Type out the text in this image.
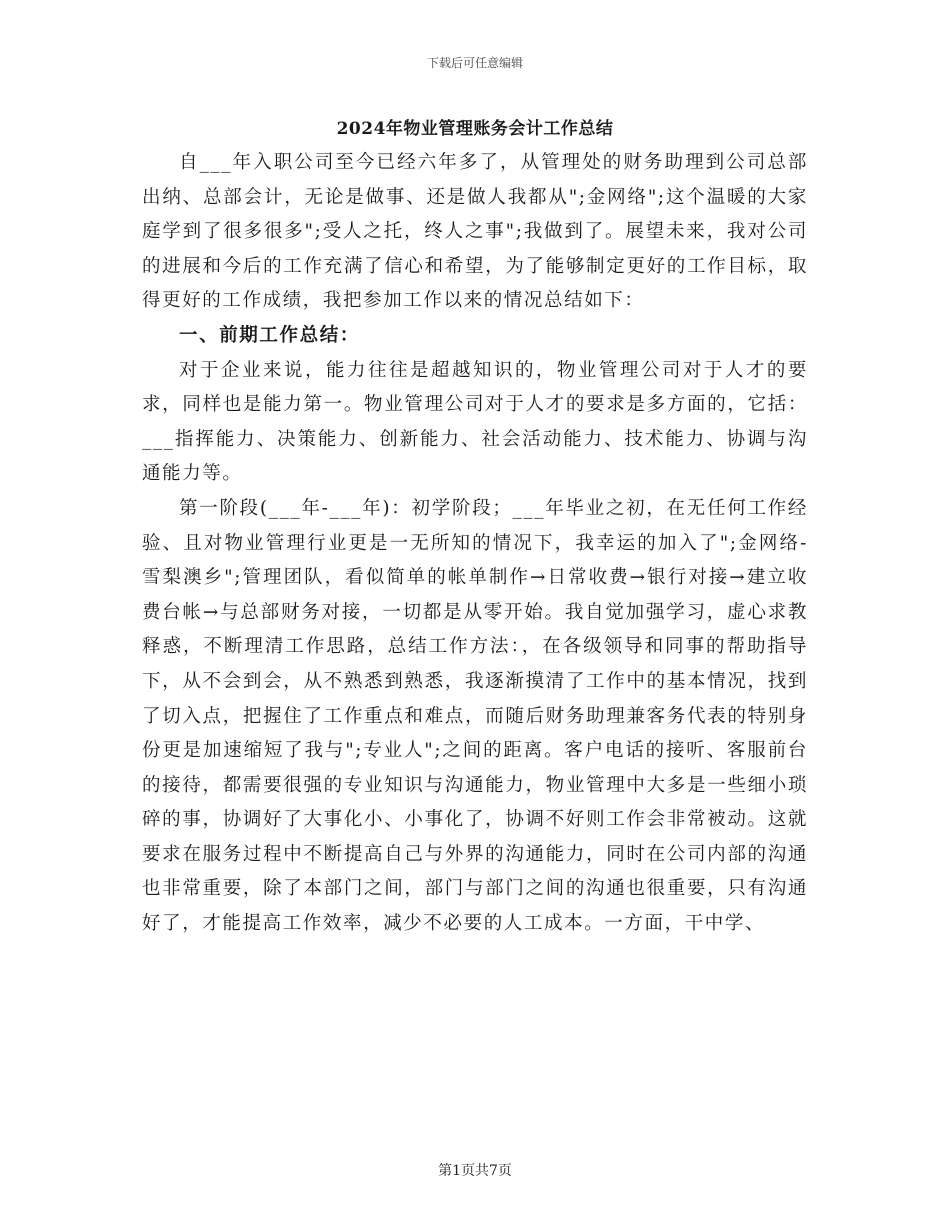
下载后可任意编辑
2024年物业管理账务会计工作总结

自___年入职公司至今已经六年多了，从管理处的财务助理到公司总部出纳、总部会计，无论是做事、还是做人我都从";金网络";这个温暖的大家庭学到了很多很多";受人之托，终人之事";我做到了。展望未来，我对公司的进展和今后的工作充满了信心和希望，为了能够制定更好的工作目标，取得更好的工作成绩，我把参加工作以来的情况总结如下：

一、前期工作总结：

对于企业来说，能力往往是超越知识的，物业管理公司对于人才的要求，同样也是能力第一。物业管理公司对于人才的要求是多方面的，它括：___指挥能力、决策能力、创新能力、社会活动能力、技术能力、协调与沟通能力等。

第一阶段(___年-___年)：初学阶段；___年毕业之初，在无任何工作经验、且对物业管理行业更是一无所知的情况下，我幸运的加入了";金网络-雪梨澳乡";管理团队，看似简单的帐单制作→日常收费→银行对接→建立收费台帐→与总部财务对接，一切都是从零开始。我自觉加强学习，虚心求教释惑，不断理清工作思路，总结工作方法：，在各级领导和同事的帮助指导下，从不会到会，从不熟悉到熟悉，我逐渐摸清了工作中的基本情况，找到了切入点，把握住了工作重点和难点，而随后财务助理兼客务代表的特别身份更是加速缩短了我与";专业人";之间的距离。客户电话的接听、客服前台的接待，都需要很强的专业知识与沟通能力，物业管理中大多是一些细小琐碎的事，协调好了大事化小、小事化了，协调不好则工作会非常被动。这就要求在服务过程中不断提高自己与外界的沟通能力，同时在公司内部的沟通也非常重要，除了本部门之间，部门与部门之间的沟通也很重要，只有沟通好了，才能提高工作效率，减少不必要的人工成本。一方面，干中学、

第1页共7页
